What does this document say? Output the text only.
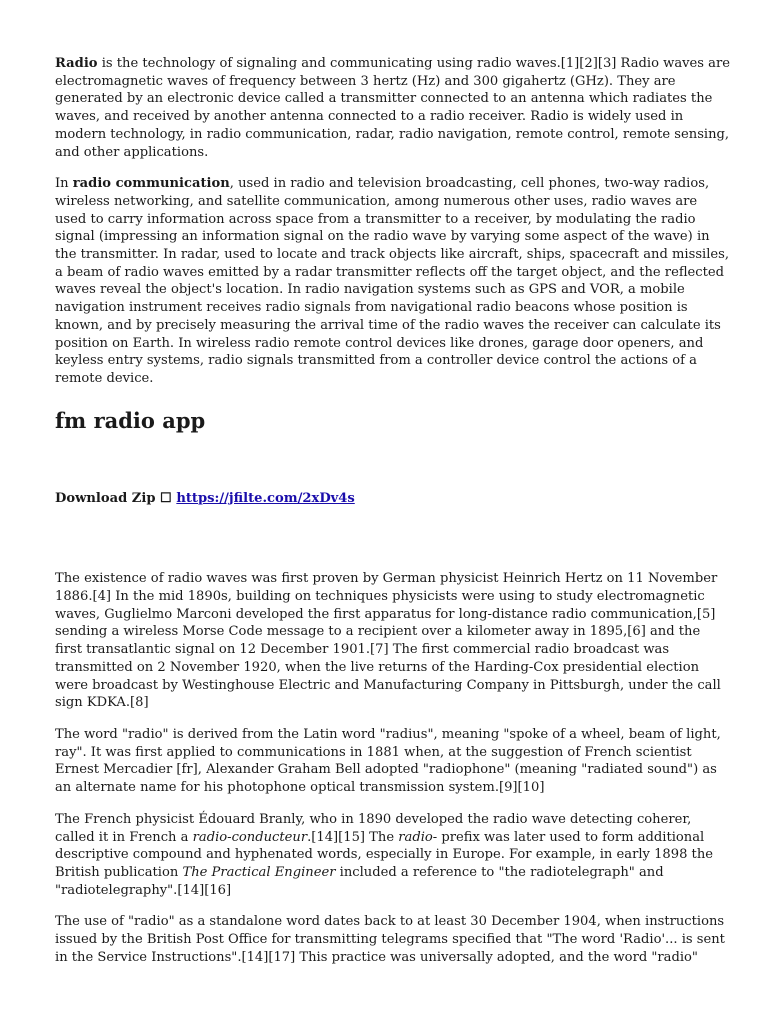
Radio is the technology of signaling and communicating using radio waves.[1][2][3] Radio waves are electromagnetic waves of frequency between 3 hertz (Hz) and 300 gigahertz (GHz). They are generated by an electronic device called a transmitter connected to an antenna which radiates the waves, and received by another antenna connected to a radio receiver. Radio is widely used in modern technology, in radio communication, radar, radio navigation, remote control, remote sensing, and other applications.

In radio communication, used in radio and television broadcasting, cell phones, two-way radios, wireless networking, and satellite communication, among numerous other uses, radio waves are used to carry information across space from a transmitter to a receiver, by modulating the radio signal (impressing an information signal on the radio wave by varying some aspect of the wave) in the transmitter. In radar, used to locate and track objects like aircraft, ships, spacecraft and missiles, a beam of radio waves emitted by a radar transmitter reflects off the target object, and the reflected waves reveal the object's location. In radio navigation systems such as GPS and VOR, a mobile navigation instrument receives radio signals from navigational radio beacons whose position is known, and by precisely measuring the arrival time of the radio waves the receiver can calculate its position on Earth. In wireless radio remote control devices like drones, garage door openers, and keyless entry systems, radio signals transmitted from a controller device control the actions of a remote device.

fm radio app
Download Zip ☐ https://jfilte.com/2xDv4s

The existence of radio waves was first proven by German physicist Heinrich Hertz on 11 November 1886.[4] In the mid 1890s, building on techniques physicists were using to study electromagnetic waves, Guglielmo Marconi developed the first apparatus for long-distance radio communication,[5] sending a wireless Morse Code message to a recipient over a kilometer away in 1895,[6] and the first transatlantic signal on 12 December 1901.[7] The first commercial radio broadcast was transmitted on 2 November 1920, when the live returns of the Harding-Cox presidential election were broadcast by Westinghouse Electric and Manufacturing Company in Pittsburgh, under the call sign KDKA.[8]

The word "radio" is derived from the Latin word "radius", meaning "spoke of a wheel, beam of light, ray". It was first applied to communications in 1881 when, at the suggestion of French scientist Ernest Mercadier [fr], Alexander Graham Bell adopted "radiophone" (meaning "radiated sound") as an alternate name for his photophone optical transmission system.[9][10]

The French physicist Édouard Branly, who in 1890 developed the radio wave detecting coherer, called it in French a radio-conducteur.[14][15] The radio- prefix was later used to form additional descriptive compound and hyphenated words, especially in Europe. For example, in early 1898 the British publication The Practical Engineer included a reference to "the radiotelegraph" and "radiotelegraphy".[14][16]

The use of "radio" as a standalone word dates back to at least 30 December 1904, when instructions issued by the British Post Office for transmitting telegrams specified that "The word 'Radio'... is sent in the Service Instructions".[14][17] This practice was universally adopted, and the word "radio"
